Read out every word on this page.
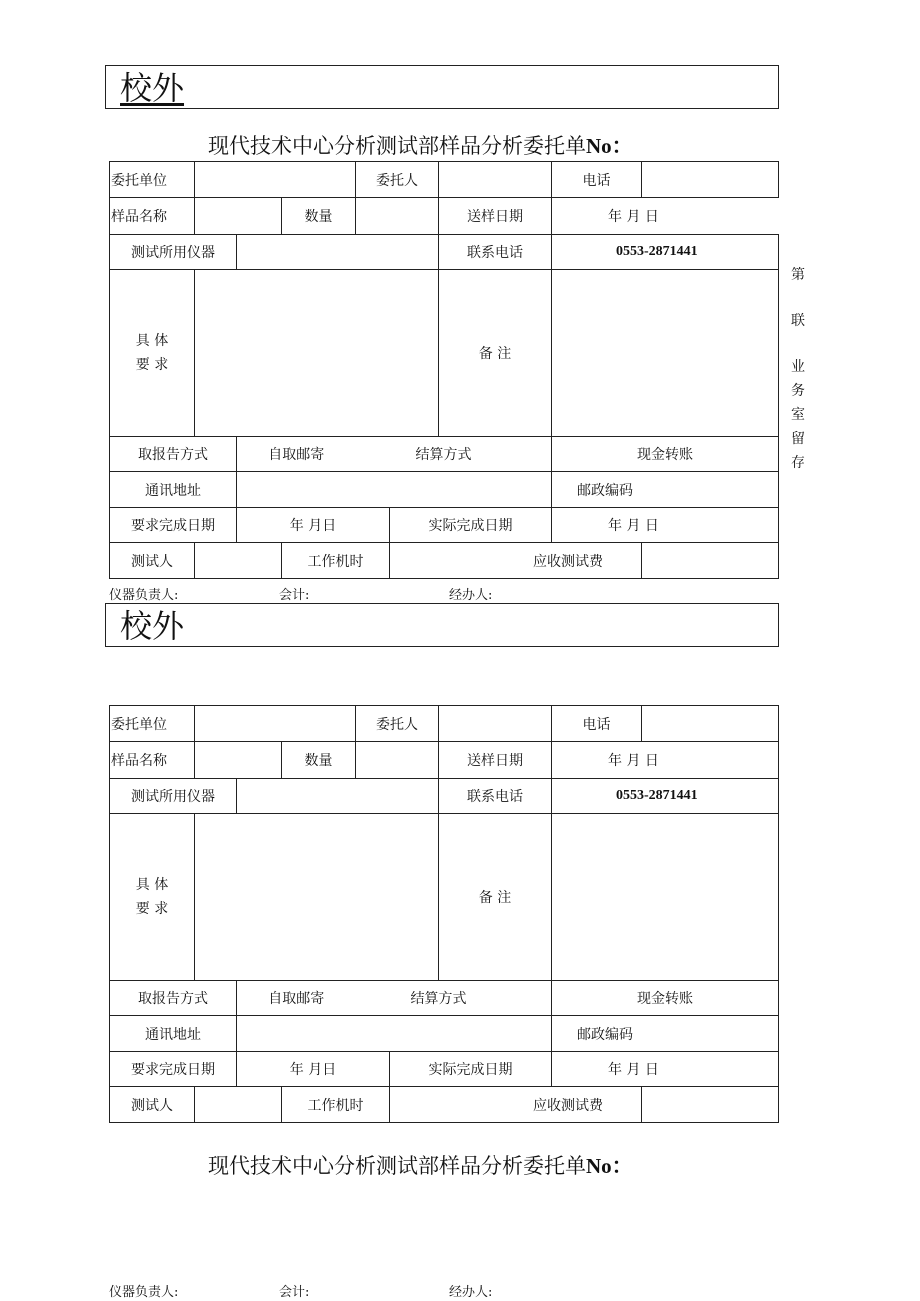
校外
现代技术中心分析测试部样品分析委托单No：
委托单位				委托人			电话	
样品名称			数量			送样日期	年 月 日	
测试所用仪器						联系电话	0553-2871441	
具 体
要 求						备 注		
取报告方式		自取邮寄		结算方式			现金转账	
通讯地址							邮政编码	
要求完成日期		年 月日			实际完成日期		年 月 日	
测试人			工作机时		应收测试费			
仪器负责人:	会计:	经办人:
第
联
业
务
室
留
存
校外
委托单位				委托人			电话	
样品名称			数量			送样日期	年 月 日	
测试所用仪器						联系电话	0553-2871441	
具 体
要 求						备 注		
取报告方式		自取邮寄		结算方式			现金转账	
通讯地址							邮政编码	
要求完成日期		年 月日			实际完成日期		年 月 日	
测试人			工作机时		应收测试费			
现代技术中心分析测试部样品分析委托单No：
仪器负责人:	会计:	经办人:
